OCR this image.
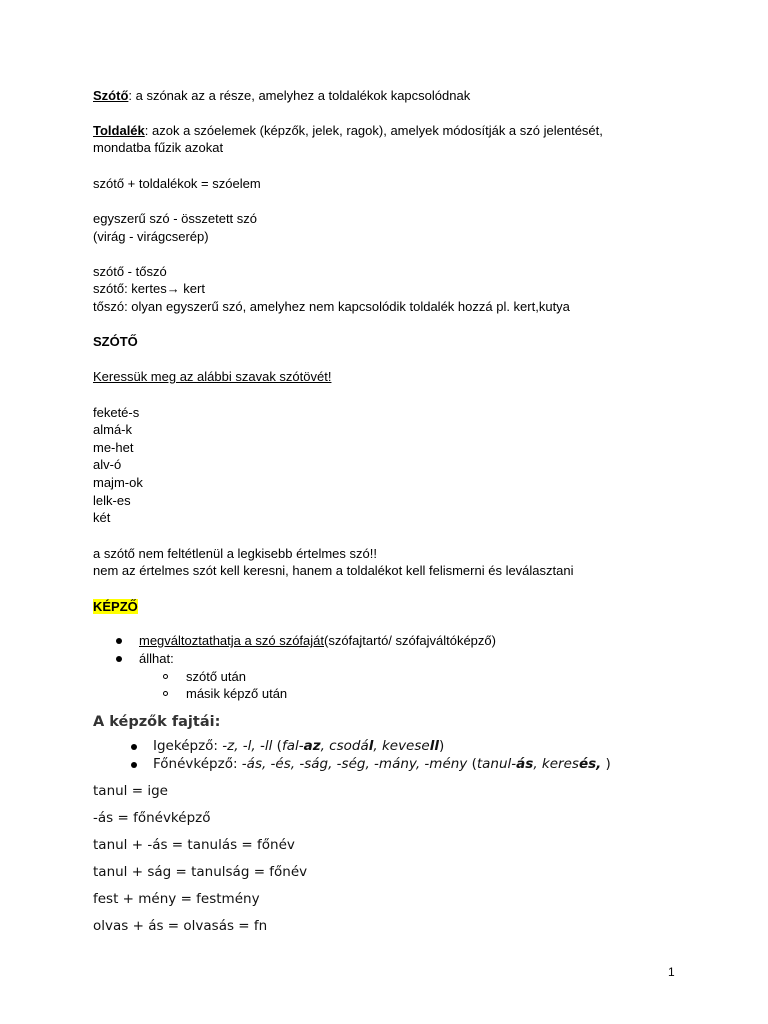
Szótő: a szónak az a része, amelyhez a toldalékok kapcsolódnak
Toldalék: azok a szóelemek (képzők, jelek, ragok), amelyek módosítják a szó jelentését,
mondatba fűzik azokat
szótő + toldalékok = szóelem
egyszerű szó - összetett szó
(virág - virágcserép)
szótő - tőszó
szótő: kertes→ kert
tőszó: olyan egyszerű szó, amelyhez nem kapcsolódik toldalék hozzá pl. kert,kutya
SZÓTŐ
Keressük meg az alábbi szavak szótövét!
feketé-s
almá-k
me-het
alv-ó
majm-ok
lelk-es
két
a szótő nem feltétlenül a legkisebb értelmes szó!!
nem az értelmes szót kell keresni, hanem a toldalékot kell felismerni és leválasztani
KÉPZŐ
megváltoztathatja a szó szófaját(szófajtartó/ szófajváltóképző)
állhat:
szótő után
másik képző után
A képzők fajtái:
Igeképző: -z, -l, -ll (fal-az, csodál, kevesell)
Főnévképző: -ás, -és, -ság, -ség, -mány, -mény (tanul-ás, keresés, )
tanul = ige
-ás = főnévképző
tanul + -ás = tanulás = főnév
tanul + ság = tanulság = főnév
fest + mény = festmény
olvas + ás = olvasás = fn
1
